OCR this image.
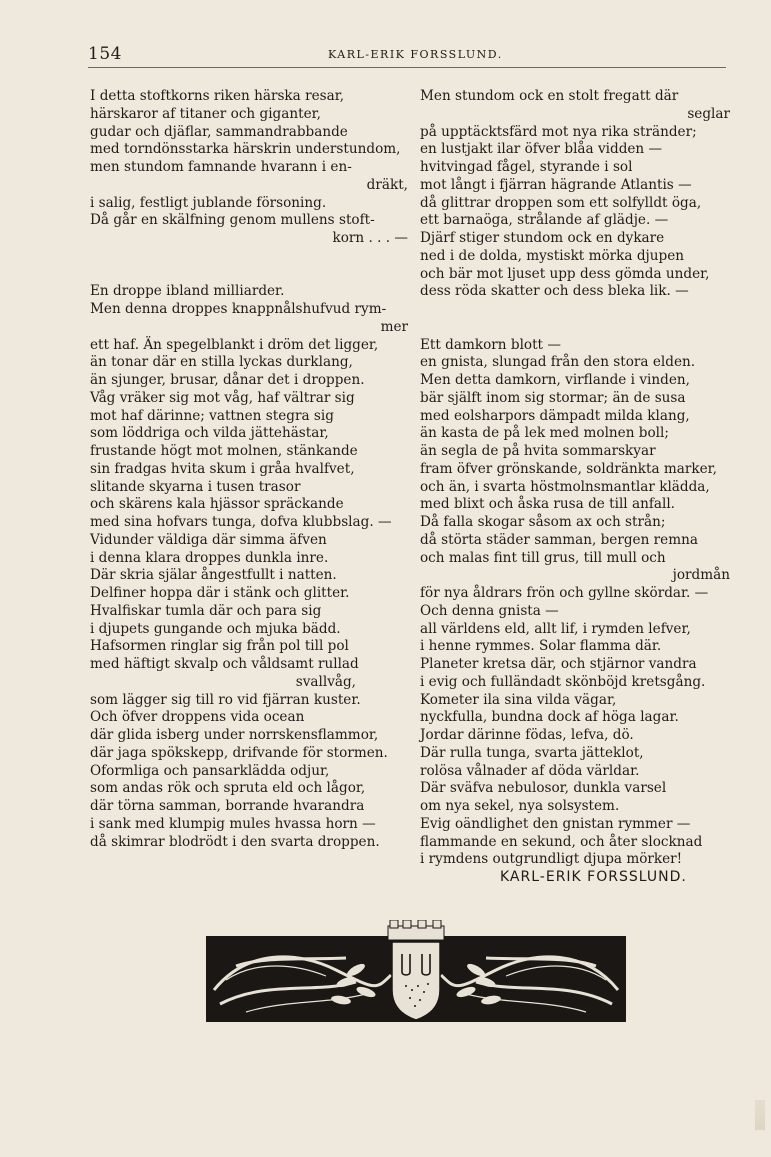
154	KARL-ERIK FORSSLUND.
I detta stoftkorns riken härska resar,
härskaror af titaner och giganter,
gudar och djäflar, sammandrabbande
med torndönsstarka härskrin understundom,
men stundom famnande hvarann i en-
dräkt,
i salig, festligt jublande försoning.
Då går en skälfning genom mullens stoft-
korn . . . —
En droppe ibland milliarder.
Men denna droppes knappnålshufvud rym-
mer
ett haf. Än spegelblankt i dröm det ligger,
än tonar där en stilla lyckas durklang,
än sjunger, brusar, dånar det i droppen.
Våg vräker sig mot våg, haf vältrar sig
mot haf därinne; vattnen stegra sig
som löddriga och vilda jättehästar,
frustande högt mot molnen, stänkande
sin fradgas hvita skum i gråa hvalfvet,
slitande skyarna i tusen trasor
och skärens kala hjässor spräckande
med sina hofvars tunga, dofva klubbslag. —
Vidunder väldiga där simma äfven
i denna klara droppes dunkla inre.
Där skria själar ångestfullt i natten.
Delfiner hoppa där i stänk och glitter.
Hvalfiskar tumla där och para sig
i djupets gungande och mjuka bädd.
Hafsormen ringlar sig från pol till pol
med häftigt skvalp och våldsamt rullad
svallvåg,
som lägger sig till ro vid fjärran kuster.
Och öfver droppens vida ocean
där glida isberg under norrskensflammor,
där jaga spökskepp, drifvande för stormen.
Oformliga och pansarklädda odjur,
som andas rök och spruta eld och lågor,
där törna samman, borrande hvarandra
i sank med klumpig mules hvassa horn —
då skimrar blodrödt i den svarta droppen.
Men stundom ock en stolt fregatt där
seglar
på upptäcktsfärd mot nya rika stränder;
en lustjakt ilar öfver blåa vidden —
hvitvingad fågel, styrande i sol
mot långt i fjärran hägrande Atlantis —
då glittrar droppen som ett solfylldt öga,
ett barnaöga, strålande af glädje. —
Djärf stiger stundom ock en dykare
ned i de dolda, mystiskt mörka djupen
och bär mot ljuset upp dess gömda under,
dess röda skatter och dess bleka lik. —
Ett damkorn blott —
en gnista, slungad från den stora elden.
Men detta damkorn, virflande i vinden,
bär själft inom sig stormar; än de susa
med eolsharpors dämpadt milda klang,
än kasta de på lek med molnen boll;
än segla de på hvita sommarskyar
fram öfver grönskande, soldränkta marker,
och än, i svarta höstmolnsmantlar klädda,
med blixt och åska rusa de till anfall.
Då falla skogar såsom ax och strån;
då störta städer samman, bergen remna
och malas fint till grus, till mull och
jordmån
för nya åldrars frön och gyllne skördar. —
Och denna gnista —
all världens eld, allt lif, i rymden lefver,
i henne rymmes. Solar flamma där.
Planeter kretsa där, och stjärnor vandra
i evig och fulländadt skönböjd kretsgång.
Kometer ila sina vilda vägar,
nyckfulla, bundna dock af höga lagar.
Jordar därinne födas, lefva, dö.
Där rulla tunga, svarta jätteklot,
rolösa vålnader af döda världar.
Där sväfva nebulosor, dunkla varsel
om nya sekel, nya solsystem.
Evig oändlighet den gnistan rymmer —
flammande en sekund, och åter slocknad
i rymdens outgrundligt djupa mörker!
KARL-ERIK FORSSLUND.
